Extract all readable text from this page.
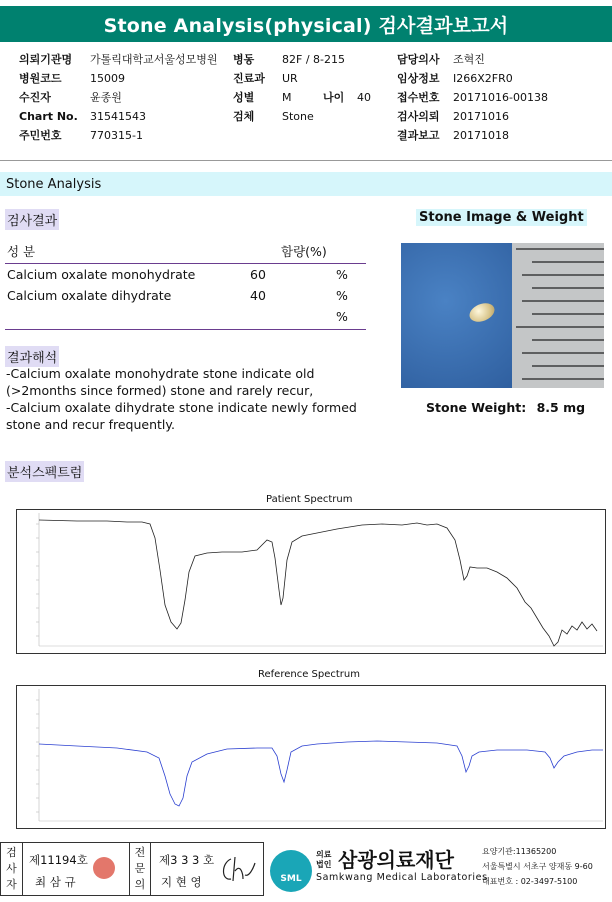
Stone Analysis(physical) 검사결과보고서
의뢰기관명 가톨릭대학교서울성모병원 병동	82F / 8-215	담당의사 조혁진
병원코드	15009	진료과 UR	임상정보 I266X2FR0
수진자	윤종원	성별	M	나이 40 접수번호 20171016-00138
Chart No. 31541543	검체	Stone	검사의뢰 20171016
주민번호	770315-1	결과보고 20171018
Stone Analysis
검사결과
성 분	함량(%)
Calcium oxalate monohydrate	60	%
Calcium oxalate dihydrate	40	%
%
결과해석
-Calcium oxalate monohydrate stone indicate old
(>2months since formed) stone and rarely recur,
-Calcium oxalate dihydrate stone indicate newly formed
stone and recur frequently.
Stone Image & Weight
Stone Weight: 8.5 mg
분석스펙트럼
Patient Spectrum
Reference Spectrum
검사자
제11194호
최 삼 규
전문의
제3 3 3 호
지 현 영	SML
의료
법인 삼광의료재단
Samkwang Medical Laboratories
요양기관:11365200
서울특별시 서초구 양재동 9-60
대표번호 : 02-3497-5100
